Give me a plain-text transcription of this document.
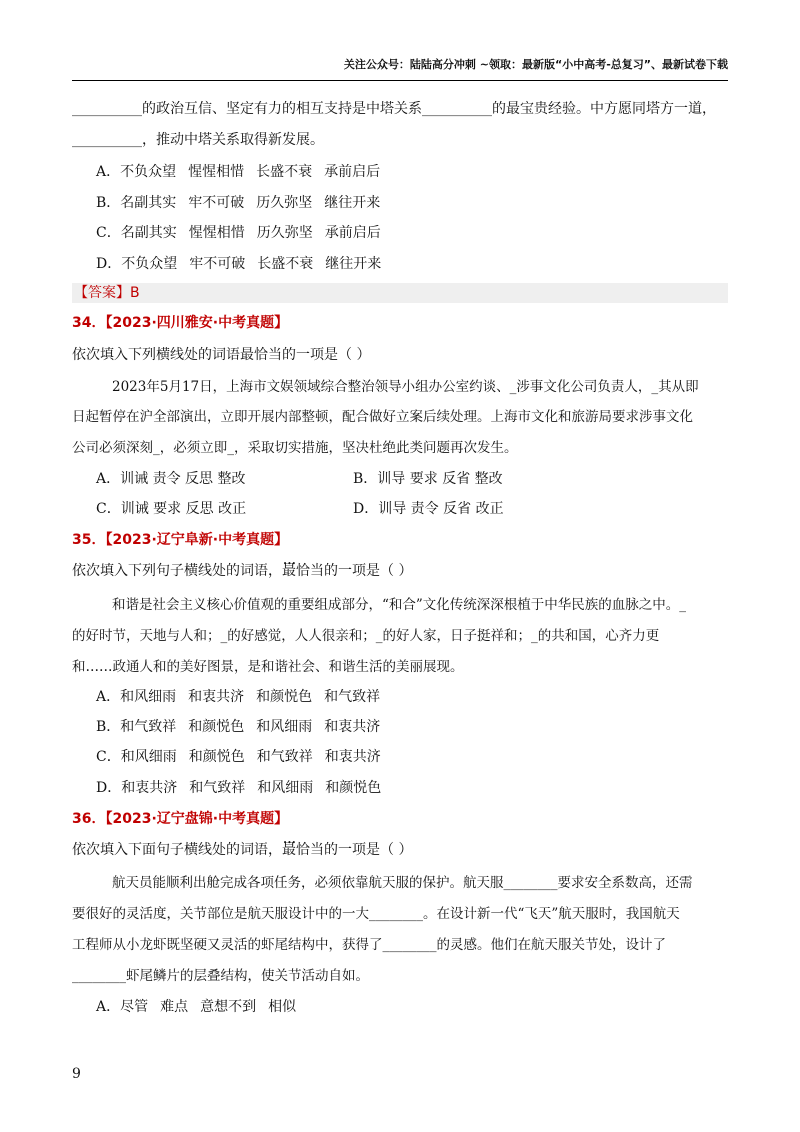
关注公众号：陆陆高分冲刺 ~领取：最新版“小中高考-总复习”、最新试卷下载
__________的政治互信、坚定有力的相互支持是中塔关系__________的最宝贵经验。中方愿同塔方一道，
__________，推动中塔关系取得新发展。
A．不负众望 惺惺相惜 长盛不衰 承前启后
B．名副其实 牢不可破 历久弥坚 继往开来
C．名副其实 惺惺相惜 历久弥坚 承前启后
D．不负众望 牢不可破 长盛不衰 继往开来
【答案】B
34．【2023·四川雅安·中考真题】
依次填入下列横线处的词语最恰当的一项是（ ）
2023年5月17日，上海市文娱领域综合整治领导小组办公室约谈、_涉事文化公司负责人，_其从即
日起暂停在沪全部演出，立即开展内部整顿，配合做好立案后续处理。上海市文化和旅游局要求涉事文化
公司必须深刻_，必须立即_，采取切实措施，坚决杜绝此类问题再次发生。
A．训诫 责令 反思 整改	B．训导 要求 反省 整改
C．训诫 要求 反思 改正	D．训导 责令 反省 改正
35．【2023·辽宁阜新·中考真题】
依次填入下列句子横线处的词语，• • • 最恰当的一项是（ ）
和谐是社会主义核心价值观的重要组成部分，“和合”文化传统深深根植于中华民族的血脉之中。_
的好时节，天地与人和；_的好感觉，人人很亲和；_的好人家，日子挺祥和；_的共和国，心齐力更
和……政通人和的美好图景，是和谐社会、和谐生活的美丽展现。
A．和风细雨 和衷共济 和颜悦色 和气致祥
B．和气致祥 和颜悦色 和风细雨 和衷共济
C．和风细雨 和颜悦色 和气致祥 和衷共济
D．和衷共济 和气致祥 和风细雨 和颜悦色
36．【2023·辽宁盘锦·中考真题】
依次填入下面句子横线处的词语，• • • 最恰当的一项是（ ）
航天员能顺利出舱完成各项任务，必须依靠航天服的保护。航天服________要求安全系数高，还需
要很好的灵活度，关节部位是航天服设计中的一大________。在设计新一代“飞天”航天服时，我国航天
工程师从小龙虾既坚硬又灵活的虾尾结构中，获得了________的灵感。他们在航天服关节处，设计了
________虾尾鳞片的层叠结构，使关节活动自如。
A．尽管 难点 意想不到 相似
9
